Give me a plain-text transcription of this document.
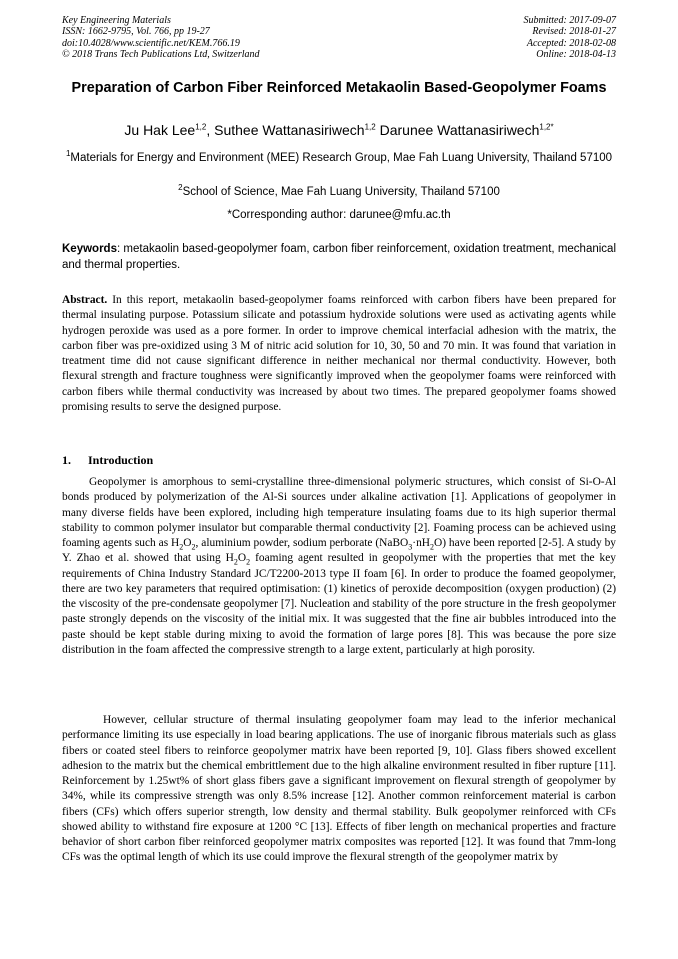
Key Engineering Materials
ISSN: 1662-9795, Vol. 766, pp 19-27
doi:10.4028/www.scientific.net/KEM.766.19
© 2018 Trans Tech Publications Ltd, Switzerland
Submitted: 2017-09-07
Revised: 2018-01-27
Accepted: 2018-02-08
Online: 2018-04-13
Preparation of Carbon Fiber Reinforced Metakaolin Based-Geopolymer Foams
Ju Hak Lee$^{1,2}$, Suthee Wattanasiriwech$^{1,2}$ Darunee Wattanasiriwech$^{1,2*}$
$^1$Materials for Energy and Environment (MEE) Research Group, Mae Fah Luang University, Thailand 57100
$^2$School of Science, Mae Fah Luang University, Thailand 57100
*Corresponding author: darunee@mfu.ac.th
Keywords: metakaolin based-geopolymer foam, carbon fiber reinforcement, oxidation treatment, mechanical and thermal properties.
Abstract. In this report, metakaolin based-geopolymer foams reinforced with carbon fibers have been prepared for thermal insulating purpose. Potassium silicate and potassium hydroxide solutions were used as activating agents while hydrogen peroxide was used as a pore former. In order to improve chemical interfacial adhesion with the matrix, the carbon fiber was pre-oxidized using 3 M of nitric acid solution for 10, 30, 50 and 70 min. It was found that variation in treatment time did not cause significant difference in neither mechanical nor thermal conductivity. However, both flexural strength and fracture toughness were significantly improved when the geopolymer foams were reinforced with carbon fibers while thermal conductivity was increased by about two times. The prepared geopolymer foams showed promising results to serve the designed purpose.
1. Introduction
Geopolymer is amorphous to semi-crystalline three-dimensional polymeric structures, which consist of Si-O-Al bonds produced by polymerization of the Al-Si sources under alkaline activation [1]. Applications of geopolymer in many diverse fields have been explored, including high temperature insulating foams due to its high superior thermal stability to common polymer insulator but comparable thermal conductivity [2]. Foaming process can be achieved using foaming agents such as $H_2O_2$, aluminium powder, sodium perborate $(NaBO_3\cdot nH_2O)$ have been reported [2-5]. A study by Y. Zhao et al. showed that using $H_2O_2$ foaming agent resulted in geopolymer with the properties that met the key requirements of China Industry Standard JC/T2200-2013 type II foam [6]. In order to produce the foamed geopolymer, there are two key parameters that required optimisation: (1) kinetics of peroxide decomposition (oxygen production) (2) the viscosity of the pre-condensate geopolymer [7]. Nucleation and stability of the pore structure in the fresh geopolymer paste strongly depends on the viscosity of the initial mix. It was suggested that the fine air bubbles introduced into the paste should be kept stable during mixing to avoid the formation of large pores [8]. This was because the pore size distribution in the foam affected the compressive strength to a large extent, particularly at high porosity.
However, cellular structure of thermal insulating geopolymer foam may lead to the inferior mechanical performance limiting its use especially in load bearing applications. The use of inorganic fibrous materials such as glass fibers or coated steel fibers to reinforce geopolymer matrix have been reported [9, 10]. Glass fibers showed excellent adhesion to the matrix but the chemical embrittlement due to the high alkaline environment resulted in fiber rupture [11]. Reinforcement by 1.25wt% of short glass fibers gave a significant improvement on flexural strength of geopolymer by 34%, while its compressive strength was only 8.5% increase [12]. Another common reinforcement material is carbon fibers (CFs) which offers superior strength, low density and thermal stability. Bulk geopolymer reinforced with CFs showed ability to withstand fire exposure at 1200 °C [13]. Effects of fiber length on mechanical properties and fracture behavior of short carbon fiber reinforced geopolymer matrix composites was reported [12]. It was found that 7mm-long CFs was the optimal length of which its use could improve the flexural strength of the geopolymer matrix by
